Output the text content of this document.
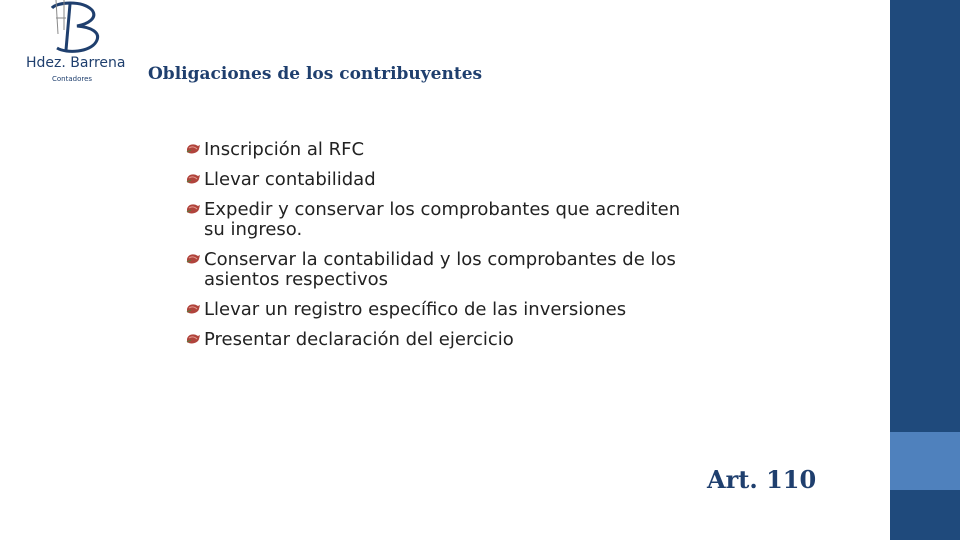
Hdez. Barrena
Contadores	Obligaciones de los contribuyentes
Inscripción al RFC
Llevar contabilidad
Expedir y conservar los comprobantes que acrediten su ingreso.
Conservar la contabilidad y los comprobantes de los asientos respectivos
Llevar un registro específico de las inversiones
Presentar declaración del ejercicio
Art. 110
